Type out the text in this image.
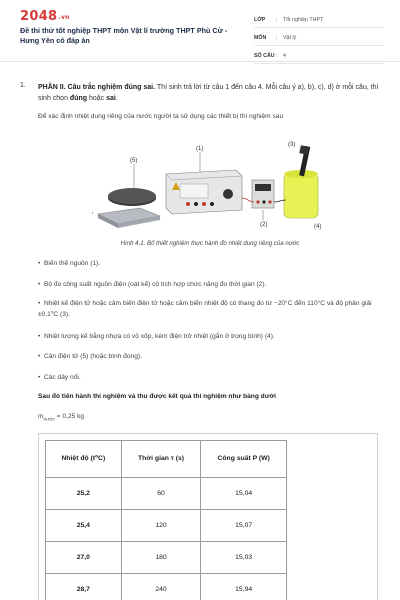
2048.vn
Đề thi thử tốt nghiệp THPT môn Vật lí trường THPT Phù Cừ - Hưng Yên có đáp án
LỚP : Tốt nghiệp THPT
MÔN : Vật lý
SỐ CÂU : 4
1. PHẦN II. Câu trắc nghiệm đúng sai. Thí sinh trả lời từ câu 1 đến câu 4. Mỗi câu ý a), b), c), d) ở mỗi câu, thí sinh chọn đúng hoặc sai.
Để xác định nhiệt dung riêng của nước người ta sử dụng các thiết bị thí nghiệm sau
(5)
(1)
(2)
(3)
(4)
Hình 4.1. Bố thiết nghiệm thực hành đo nhiệt dung riêng của nước
• Biến thế nguồn (1).
• Bộ đo công suất nguồn điện (oát kế) có tích hợp chức năng đo thời gian (2).
• Nhiệt kế điện tử hoặc cảm biến điện tử hoặc cảm biến nhiệt độ có thang đo từ −20°C đến 110°C và độ phân giải ±0,1⁰C (3).
• Nhiệt lượng kế bằng nhựa có vỏ xốp, kèm điện trở nhiệt (gắn ở trong bình) (4).
• Cân điện tử (5) (hoặc bình đong).
• Các dây nối.
Sau đó tiến hành thí nghiệm và thu được kết quả thí nghiệm như bảng dưới
$m_{nước} = 0,25$ kg
Nhiệt độ (t⁰C)	Thời gian τ (s)	Công suất P (W)
25,2	60	15,04
25,4	120	15,07
27,0	180	15,03
28,7	240	15,94
